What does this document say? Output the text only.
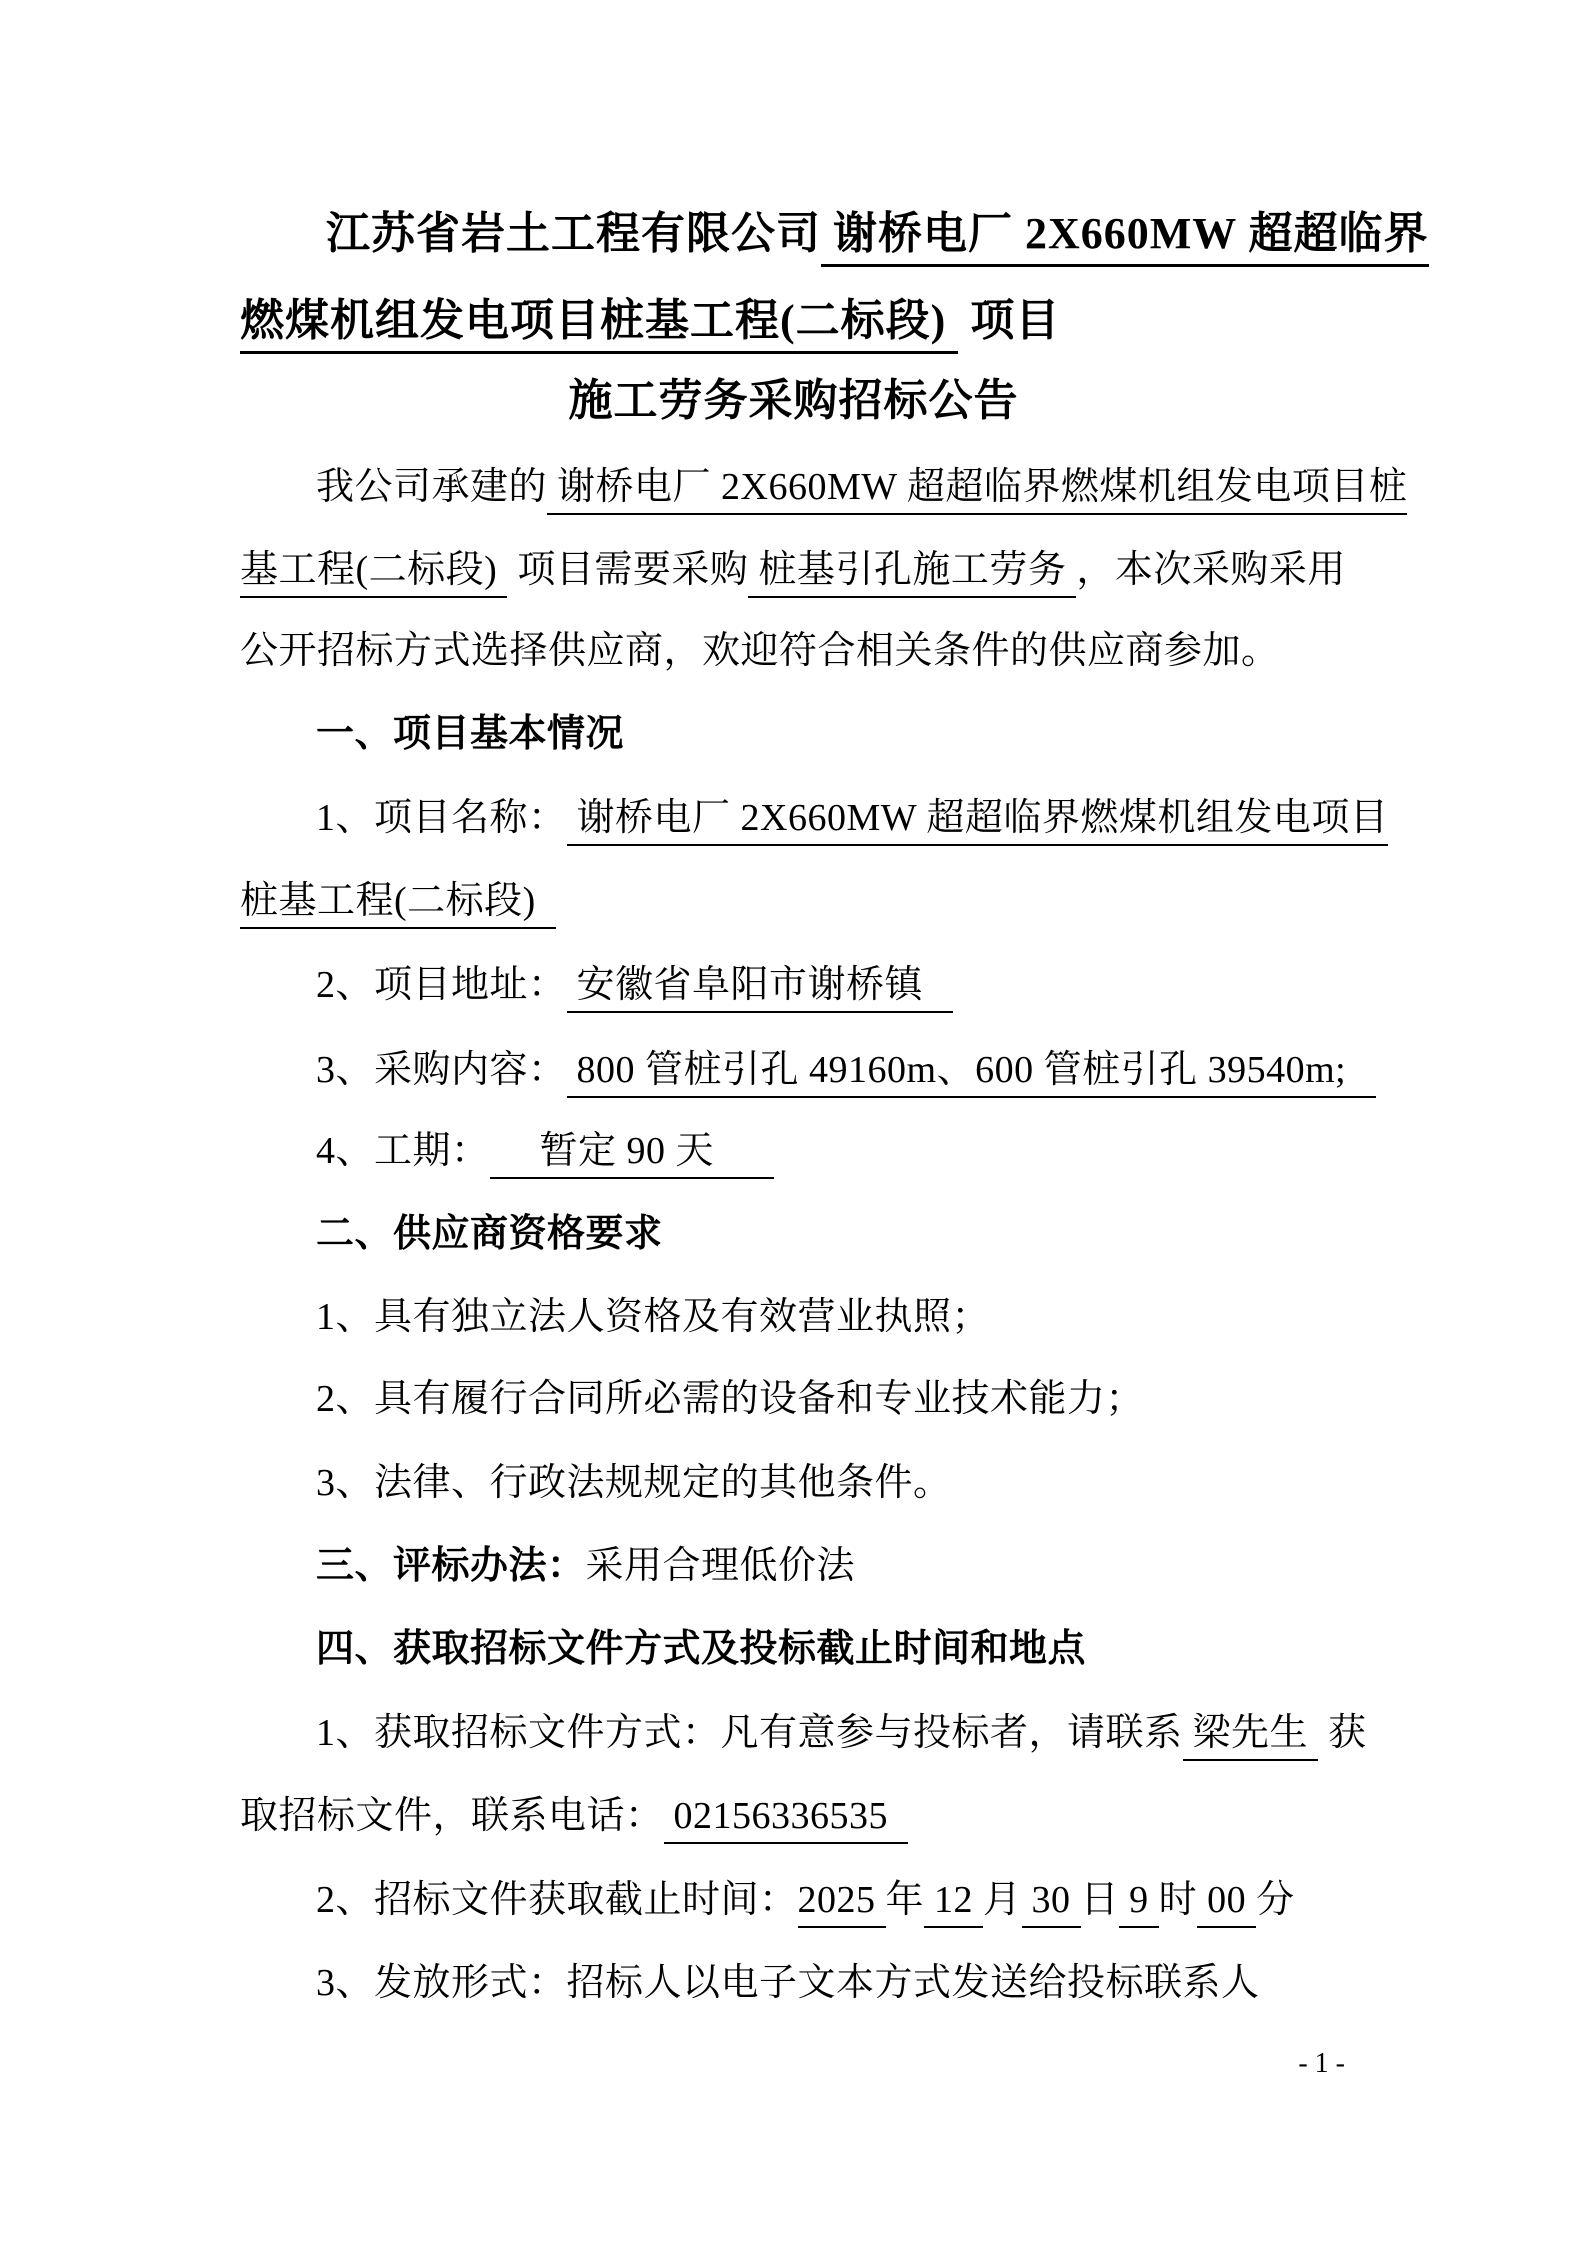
江苏省岩土工程有限公司 谢桥电厂 2X660MW 超超临界
燃煤机组发电项目桩基工程(二标段)  项目
施工劳务采购招标公告
我公司承建的 谢桥电厂 2X660MW 超超临界燃煤机组发电项目桩
基工程(二标段)  项目需要采购 桩基引孔施工劳务 ，本次采购采用
公开招标方式选择供应商，欢迎符合相关条件的供应商参加。
一、项目基本情况
1、项目名称： 谢桥电厂 2X660MW 超超临界燃煤机组发电项目
桩基工程(二标段)
2、项目地址： 安徽省阜阳市谢桥镇
3、采购内容： 800 管桩引孔 49160m、600 管桩引孔 39540m;
4、工期：     暂定 90 天
二、供应商资格要求
1、具有独立法人资格及有效营业执照；
2、具有履行合同所必需的设备和专业技术能力；
3、法律、行政法规规定的其他条件。
三、评标办法：采用合理低价法
四、获取招标文件方式及投标截止时间和地点
1、获取招标文件方式：凡有意参与投标者，请联系 梁先生  获
取招标文件，联系电话： 02156336535
2、招标文件获取截止时间：2025 年 12 月 30 日 9 时 00 分
3、发放形式：招标人以电子文本方式发送给投标联系人
- 1 -
